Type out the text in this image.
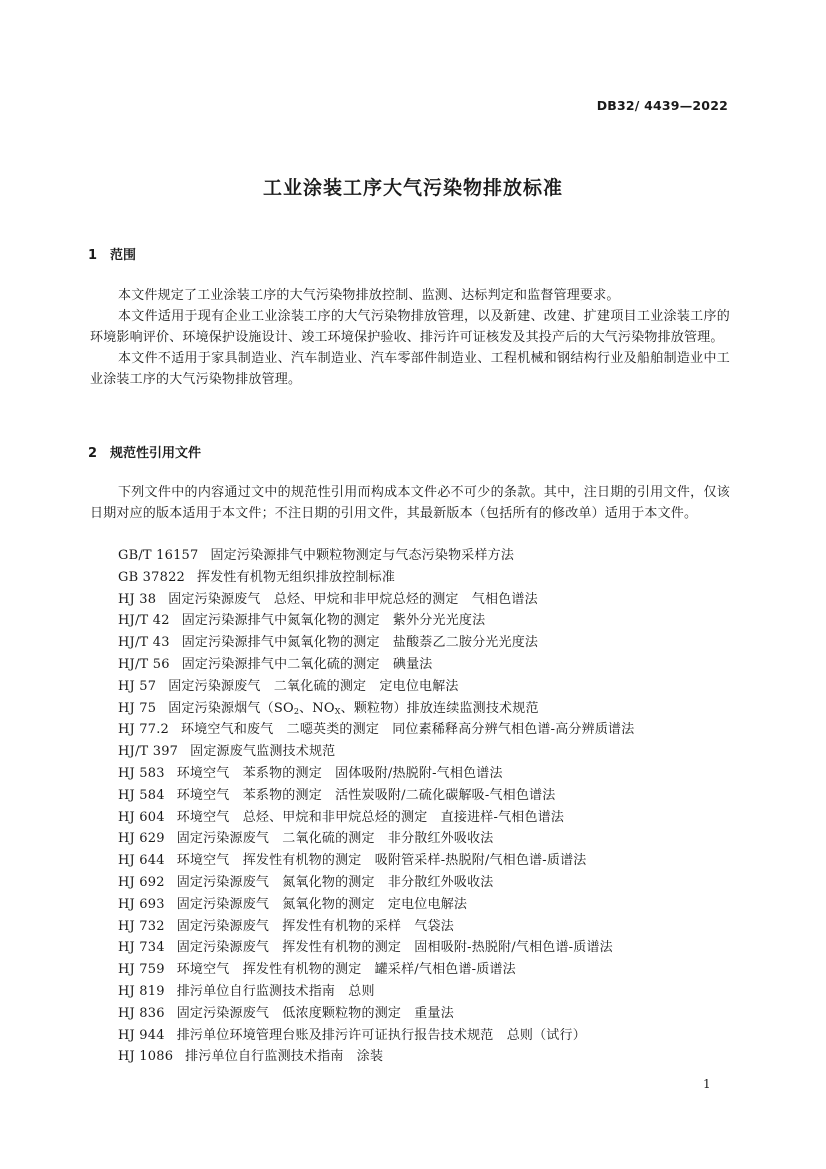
DB32/ 4439—2022
工业涂装工序大气污染物排放标准
1 范围
本文件规定了工业涂装工序的大气污染物排放控制、监测、达标判定和监督管理要求。
本文件适用于现有企业工业涂装工序的大气污染物排放管理，以及新建、改建、扩建项目工业涂装工序的环境影响评价、环境保护设施设计、竣工环境保护验收、排污许可证核发及其投产后的大气污染物排放管理。
本文件不适用于家具制造业、汽车制造业、汽车零部件制造业、工程机械和钢结构行业及船舶制造业中工业涂装工序的大气污染物排放管理。
2 规范性引用文件
下列文件中的内容通过文中的规范性引用而构成本文件必不可少的条款。其中，注日期的引用文件，仅该日期对应的版本适用于本文件；不注日期的引用文件，其最新版本（包括所有的修改单）适用于本文件。
GB/T 16157 固定污染源排气中颗粒物测定与气态污染物采样方法
GB 37822 挥发性有机物无组织排放控制标准
HJ 38 固定污染源废气　总烃、甲烷和非甲烷总烃的测定　气相色谱法
HJ/T 42 固定污染源排气中氮氧化物的测定　紫外分光光度法
HJ/T 43 固定污染源排气中氮氧化物的测定　盐酸萘乙二胺分光光度法
HJ/T 56 固定污染源排气中二氧化硫的测定　碘量法
HJ 57 固定污染源废气　二氧化硫的测定　定电位电解法
HJ 75 固定污染源烟气（$SO_2$、$NO_X$、颗粒物）排放连续监测技术规范
HJ 77.2 环境空气和废气　二噁英类的测定　同位素稀释高分辨气相色谱-高分辨质谱法
HJ/T 397 固定源废气监测技术规范
HJ 583 环境空气　苯系物的测定　固体吸附/热脱附-气相色谱法
HJ 584 环境空气　苯系物的测定　活性炭吸附/二硫化碳解吸-气相色谱法
HJ 604 环境空气　总烃、甲烷和非甲烷总烃的测定　直接进样-气相色谱法
HJ 629 固定污染源废气　二氧化硫的测定　非分散红外吸收法
HJ 644 环境空气　挥发性有机物的测定　吸附管采样-热脱附/气相色谱-质谱法
HJ 692 固定污染源废气　氮氧化物的测定　非分散红外吸收法
HJ 693 固定污染源废气　氮氧化物的测定　定电位电解法
HJ 732 固定污染源废气　挥发性有机物的采样　气袋法
HJ 734 固定污染源废气　挥发性有机物的测定　固相吸附-热脱附/气相色谱-质谱法
HJ 759 环境空气　挥发性有机物的测定　罐采样/气相色谱-质谱法
HJ 819 排污单位自行监测技术指南　总则
HJ 836 固定污染源废气　低浓度颗粒物的测定　重量法
HJ 944 排污单位环境管理台账及排污许可证执行报告技术规范　总则（试行）
HJ 1086 排污单位自行监测技术指南　涂装
1
